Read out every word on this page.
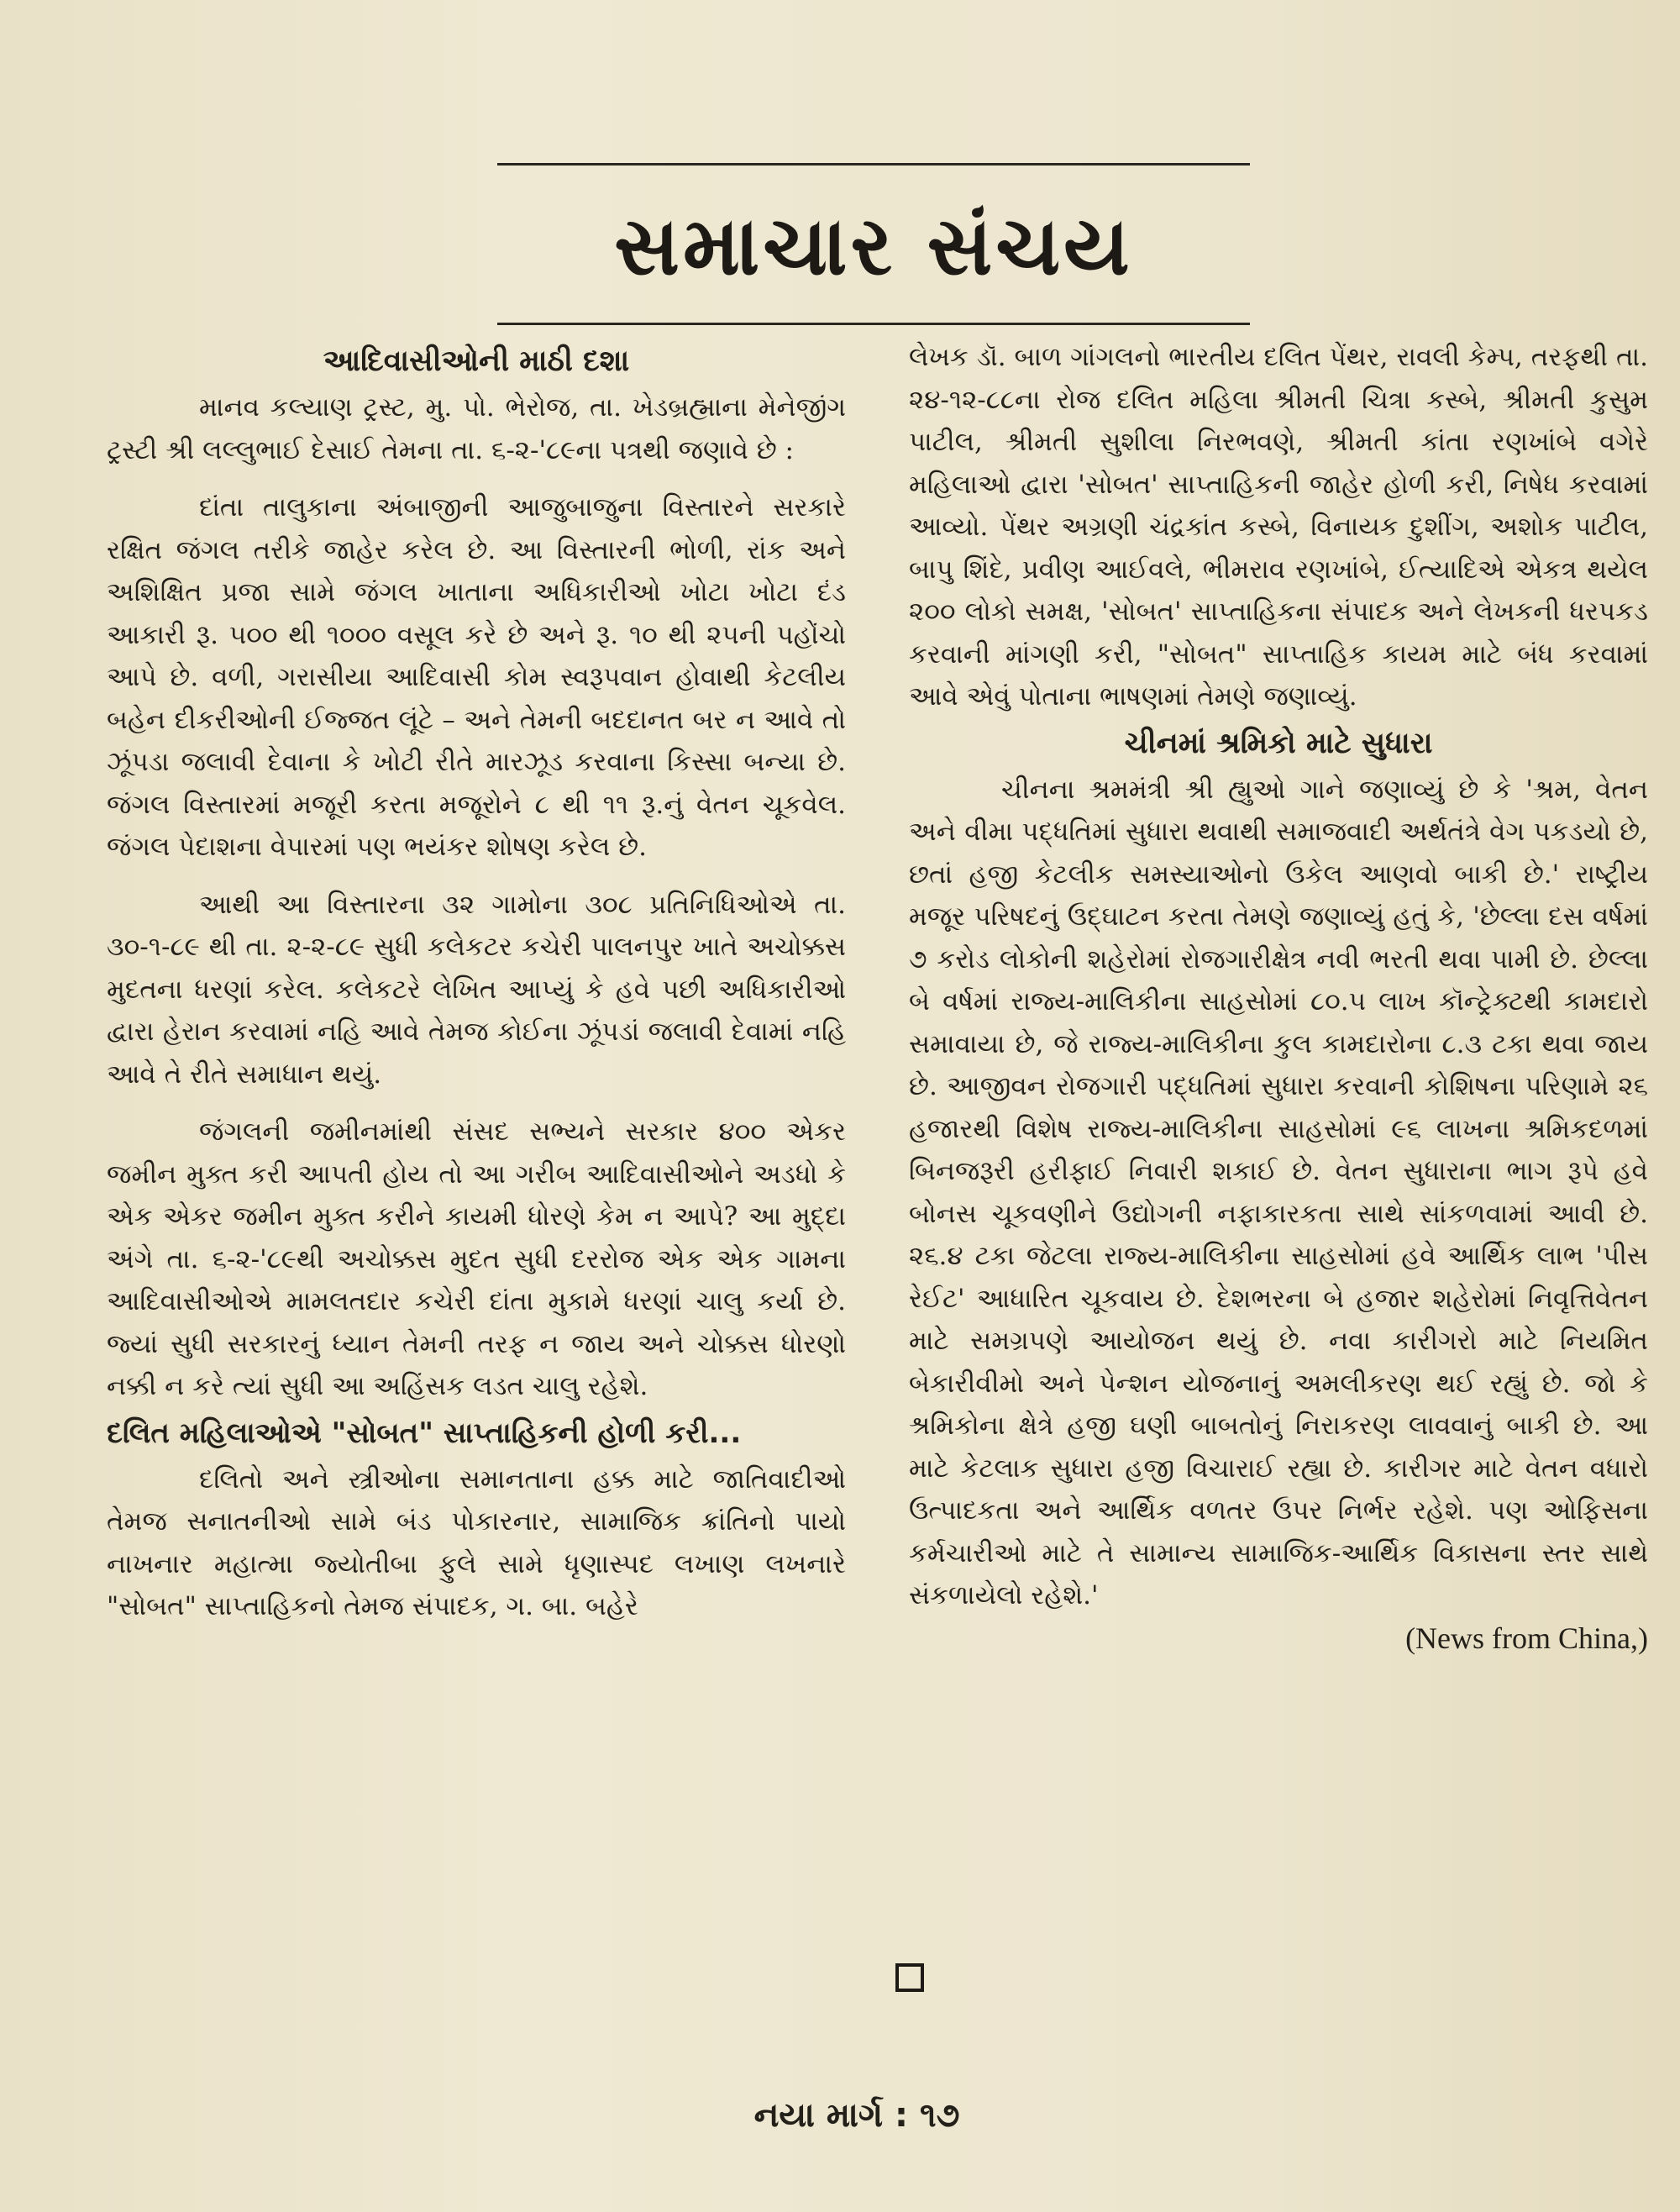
સમાચાર સંચય
આદિવાસીઓની માઠી દશા

માનવ કલ્યાણ ટ્રસ્ટ, મુ. પો. ભેરોજ, તા. ખેડબ્રહ્માના મેનેજીંગ ટ્રસ્ટી શ્રી લલ્લુભાઈ દેસાઈ તેમના તા. ૬-૨-'૮૯ના પત્રથી જણાવે છે :

દાંતા તાલુકાના અંબાજીની આજુબાજુના વિસ્તારને સરકારે રક્ષિત જંગલ તરીકે જાહેર કરેલ છે. આ વિસ્તારની ભોળી, રાંક અને અશિક્ષિત પ્રજા સામે જંગલ ખાતાના અધિકારીઓ ખોટા ખોટા દંડ આકારી રૂ. ૫૦૦ થી ૧૦૦૦ વસૂલ કરે છે અને રૂ. ૧૦ થી ૨૫ની પહોંચો આપે છે. વળી, ગરાસીયા આદિવાસી કોમ સ્વરૂપવાન હોવાથી કેટલીય બહેન દીકરીઓની ઈજ્જત લૂંટે – અને તેમની બદદાનત બર ન આવે તો ઝૂંપડા જલાવી દેવાના કે ખોટી રીતે મારઝૂડ કરવાના કિસ્સા બન્યા છે. જંગલ વિસ્તારમાં મજૂરી કરતા મજૂરોને ૮ થી ૧૧ રૂ.નું વેતન ચૂકવેલ. જંગલ પેદાશના વેપારમાં પણ ભયંકર શોષણ કરેલ છે.

આથી આ વિસ્તારના ૩૨ ગામોના ૩૦૮ પ્રતિનિધિઓએ તા. ૩૦-૧-૮૯ થી તા. ૨-૨-૮૯ સુધી કલેકટર કચેરી પાલનપુર ખાતે અચોક્કસ મુદતના ધરણાં કરેલ. કલેકટરે લેખિત આપ્યું કે હવે પછી અધિકારીઓ દ્વારા હેરાન કરવામાં નહિ આવે તેમજ કોઈના ઝૂંપડાં જલાવી દેવામાં નહિ આવે તે રીતે સમાધાન થયું.

જંગલની જમીનમાંથી સંસદ સભ્યને સરકાર ૪૦૦ એકર જમીન મુક્ત કરી આપતી હોય તો આ ગરીબ આદિવાસીઓને અડધો કે એક એકર જમીન મુક્ત કરીને કાયમી ધોરણે કેમ ન આપે? આ મુદ્દા અંગે તા. ૬-૨-'૮૯થી અચોક્કસ મુદત સુધી દરરોજ એક એક ગામના આદિવાસીઓએ મામલતદાર કચેરી દાંતા મુકામે ધરણાં ચાલુ કર્યા છે. જ્યાં સુધી સરકારનું ધ્યાન તેમની તરફ ન જાય અને ચોક્કસ ધોરણો નક્કી ન કરે ત્યાં સુધી આ અહિંસક લડત ચાલુ રહેશે.

દલિત મહિલાઓએ "સોબત" સાપ્તાહિકની હોળી કરી...

દલિતો અને સ્ત્રીઓના સમાનતાના હક્ક માટે જાતિવાદીઓ તેમજ સનાતનીઓ સામે બંડ પોકારનાર, સામાજિક ક્રાંતિનો પાયો નાખનાર મહાત્મા જ્યોતીબા ફુલે સામે ધૃણાસ્પદ લખાણ લખનારે "સોબત" સાપ્તાહિકનો તેમજ સંપાદક, ગ. બા. બહેરે

લેખક ડૉ. બાળ ગાંગલનો ભારતીય દલિત પેંથર, રાવલી કેમ્પ, તરફથી તા. ૨૪-૧૨-૮૮ના રોજ દલિત મહિલા શ્રીમતી ચિત્રા કસ્બે, શ્રીમતી કુસુમ પાટીલ, શ્રીમતી સુશીલા નિરભવણે, શ્રીમતી કાંતા રણખાંબે વગેરે મહિલાઓ દ્વારા 'સોબત' સાપ્તાહિકની જાહેર હોળી કરી, નિષેધ કરવામાં આવ્યો. પેંથર અગ્રણી ચંદ્રકાંત કસ્બે, વિનાયક દુશીંગ, અશોક પાટીલ, બાપુ શિંદે, પ્રવીણ આઈવલે, ભીમરાવ રણખાંબે, ઈત્યાદિએ એકત્ર થયેલ ૨૦૦ લોકો સમક્ષ, 'સોબત' સાપ્તાહિકના સંપાદક અને લેખકની ધરપકડ કરવાની માંગણી કરી, "સોબત" સાપ્તાહિક કાયમ માટે બંધ કરવામાં આવે એવું પોતાના ભાષણમાં તેમણે જણાવ્યું.

ચીનમાં શ્રમિકો માટે સુધારા

ચીનના શ્રમમંત્રી શ્રી હ્યુઓ ગાને જણાવ્યું છે કે 'શ્રમ, વેતન અને વીમા પદ્ધતિમાં સુધારા થવાથી સમાજવાદી અર્થતંત્રે વેગ પકડયો છે, છતાં હજી કેટલીક સમસ્યાઓનો ઉકેલ આણવો બાકી છે.' રાષ્ટ્રીય મજૂર પરિષદનું ઉદ્ઘાટન કરતા તેમણે જણાવ્યું હતું કે, 'છેલ્લા દસ વર્ષમાં ૭ કરોડ લોકોની શહેરોમાં રોજગારીક્ષેત્ર નવી ભરતી થવા પામી છે. છેલ્લા બે વર્ષમાં રાજ્ય-માલિકીના સાહસોમાં ૮૦.૫ લાખ કૉન્ટ્રેક્ટથી કામદારો સમાવાયા છે, જે રાજ્ય-માલિકીના કુલ કામદારોના ૮.૩ ટકા થવા જાય છે. આજીવન રોજગારી પદ્ધતિમાં સુધારા કરવાની કોશિષના પરિણામે ૨૬ હજારથી વિશેષ રાજ્ય-માલિકીના સાહસોમાં ૯૬ લાખના શ્રમિકદળમાં બિનજરૂરી હરીફાઈ નિવારી શકાઈ છે. વેતન સુધારાના ભાગ રૂપે હવે બોનસ ચૂકવણીને ઉદ્યોગની નફાકારકતા સાથે સાંકળવામાં આવી છે. ૨૬.૪ ટકા જેટલા રાજ્ય-માલિકીના સાહસોમાં હવે આર્થિક લાભ 'પીસ રેઈટ' આધારિત ચૂકવાય છે. દેશભરના બે હજાર શહેરોમાં નિવૃત્તિવેતન માટે સમગ્રપણે આયોજન થયું છે. નવા કારીગરો માટે નિયમિત બેકારીવીમો અને પેન્શન યોજનાનું અમલીકરણ થઈ રહ્યું છે. જો કે શ્રમિકોના ક્ષેત્રે હજી ઘણી બાબતોનું નિરાકરણ લાવવાનું બાકી છે. આ માટે કેટલાક સુધારા હજી વિચારાઈ રહ્યા છે. કારીગર માટે વેતન વધારો ઉત્પાદકતા અને આર્થિક વળતર ઉપર નિર્ભર રહેશે. પણ ઓફિસના કર્મચારીઓ માટે તે સામાન્ય સામાજિક-આર્થિક વિકાસના સ્તર સાથે સંકળાયેલો રહેશે.'

(News from China,)
નયા માર્ગ : ૧૭
